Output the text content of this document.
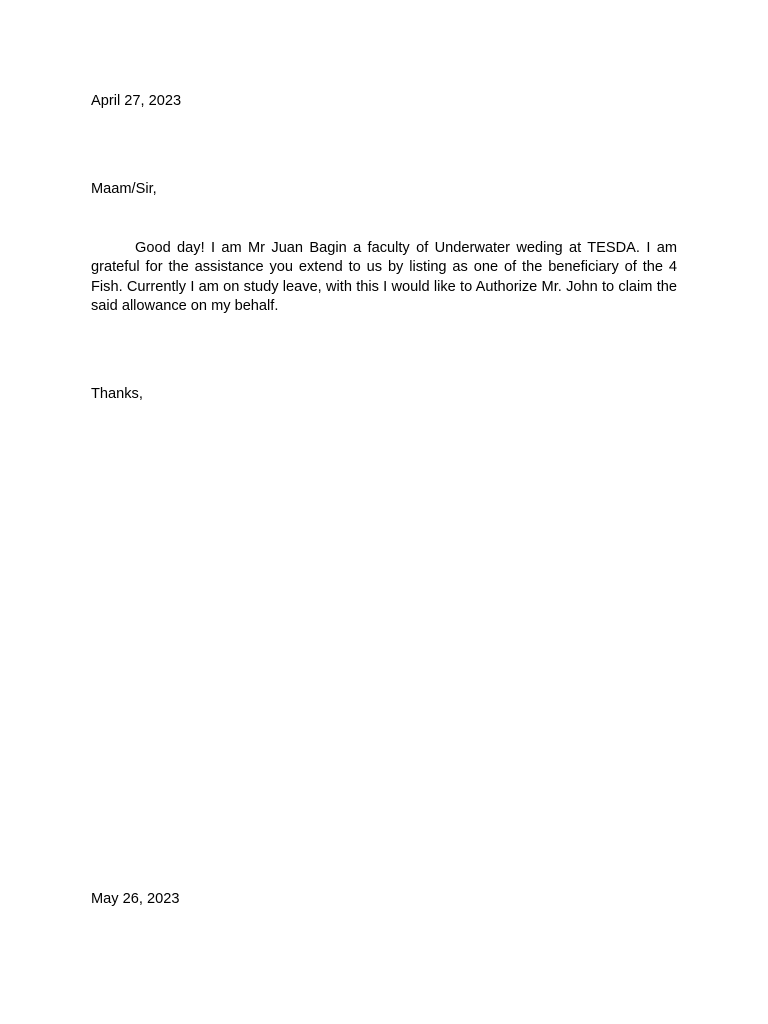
April 27, 2023
Maam/Sir,

Good day! I am Mr Juan Bagin a faculty of Underwater weding at TESDA. I am grateful for the assistance you extend to us by listing as one of the beneficiary of the 4 Fish. Currently I am on study leave, with this I would like to Authorize Mr. John to claim the said allowance on my behalf.

Thanks,
May 26, 2023
